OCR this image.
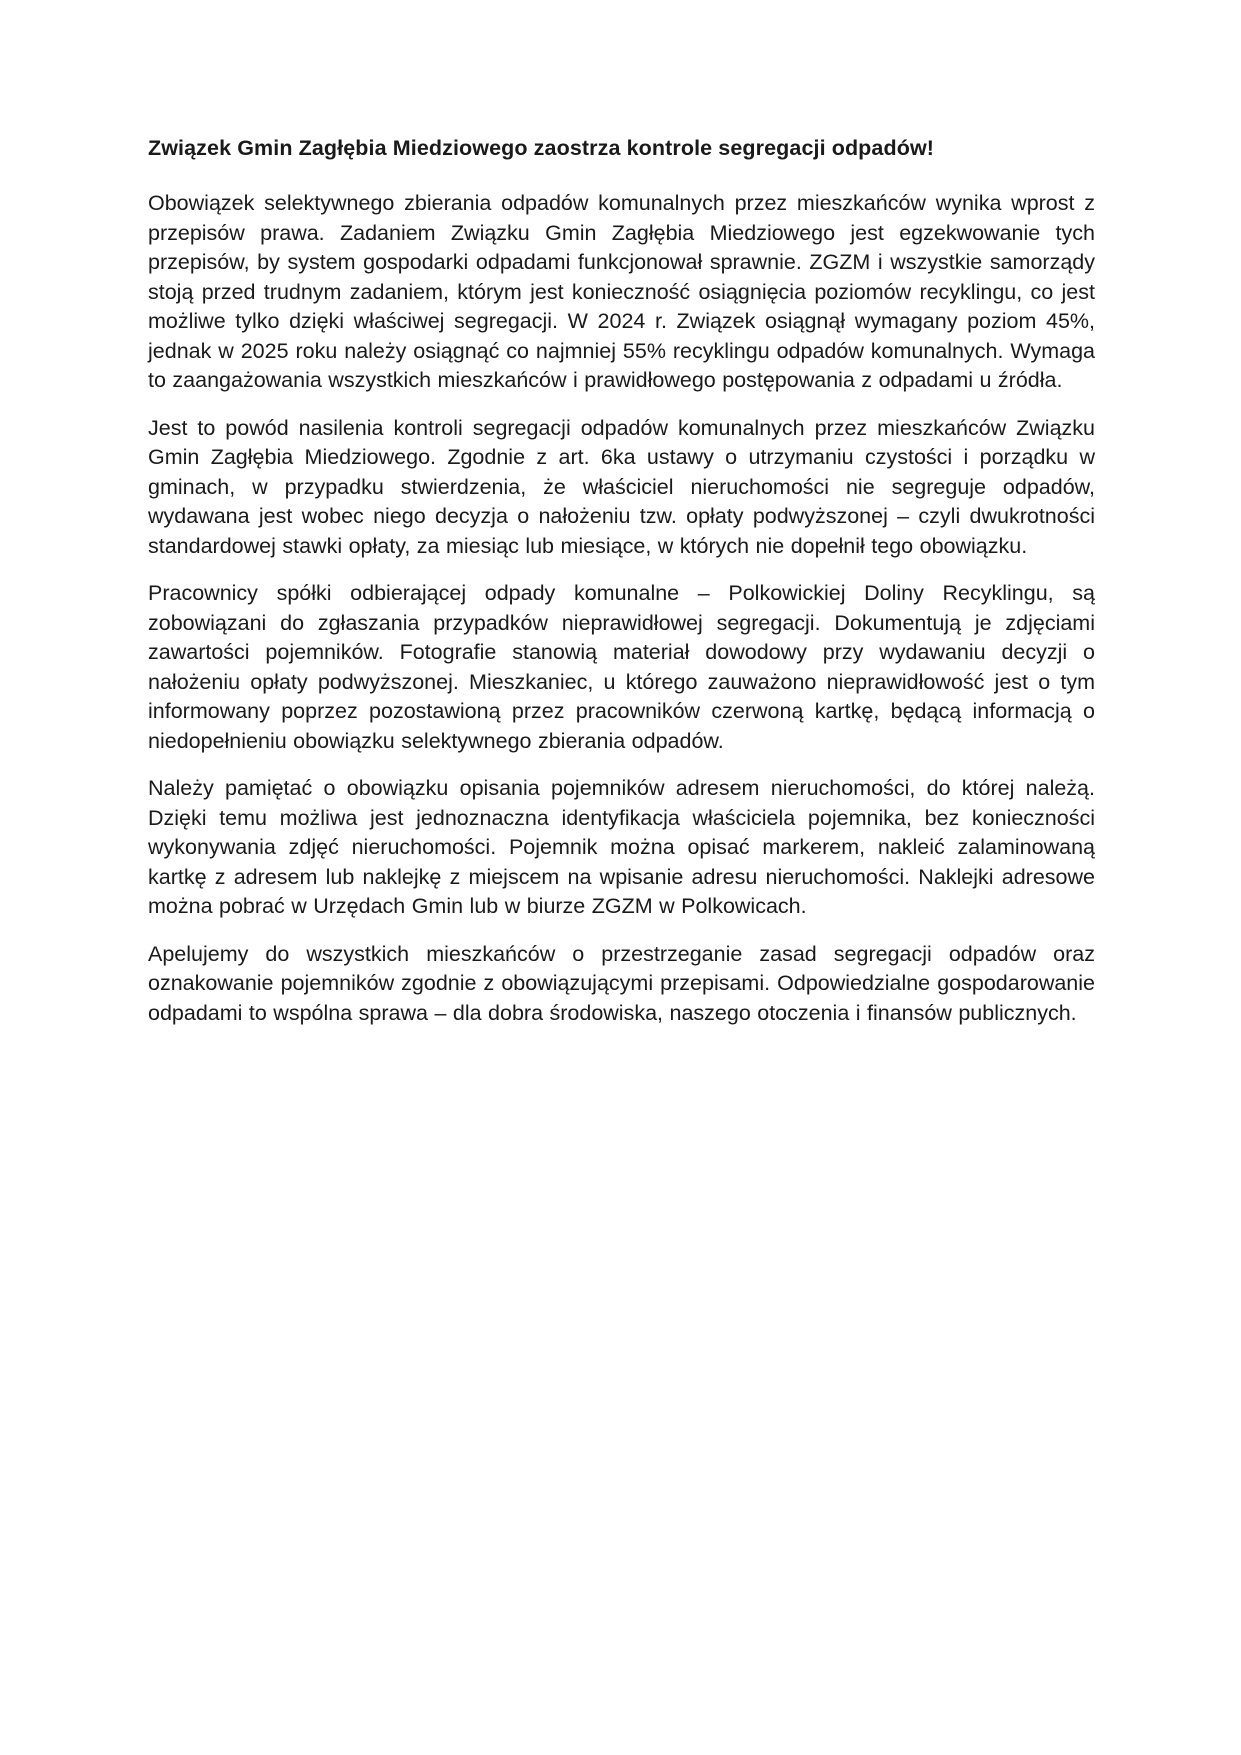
Związek Gmin Zagłębia Miedziowego zaostrza kontrole segregacji odpadów!

Obowiązek selektywnego zbierania odpadów komunalnych przez mieszkańców wynika wprost z przepisów prawa. Zadaniem Związku Gmin Zagłębia Miedziowego jest egzekwowanie tych przepisów, by system gospodarki odpadami funkcjonował sprawnie. ZGZM i wszystkie samorządy stoją przed trudnym zadaniem, którym jest konieczność osiągnięcia poziomów recyklingu, co jest możliwe tylko dzięki właściwej segregacji. W 2024 r. Związek osiągnął wymagany poziom 45%, jednak w 2025 roku należy osiągnąć co najmniej 55% recyklingu odpadów komunalnych. Wymaga to zaangażowania wszystkich mieszkańców i prawidłowego postępowania z odpadami u źródła.

Jest to powód nasilenia kontroli segregacji odpadów komunalnych przez mieszkańców Związku Gmin Zagłębia Miedziowego. Zgodnie z art. 6ka ustawy o utrzymaniu czystości i porządku w gminach, w przypadku stwierdzenia, że właściciel nieruchomości nie segreguje odpadów, wydawana jest wobec niego decyzja o nałożeniu tzw. opłaty podwyższonej – czyli dwukrotności standardowej stawki opłaty, za miesiąc lub miesiące, w których nie dopełnił tego obowiązku.

Pracownicy spółki odbierającej odpady komunalne – Polkowickiej Doliny Recyklingu, są zobowiązani do zgłaszania przypadków nieprawidłowej segregacji. Dokumentują je zdjęciami zawartości pojemników. Fotografie stanowią materiał dowodowy przy wydawaniu decyzji o nałożeniu opłaty podwyższonej. Mieszkaniec, u którego zauważono nieprawidłowość jest o tym informowany poprzez pozostawioną przez pracowników czerwoną kartkę, będącą informacją o niedopełnieniu obowiązku selektywnego zbierania odpadów.

Należy pamiętać o obowiązku opisania pojemników adresem nieruchomości, do której należą. Dzięki temu możliwa jest jednoznaczna identyfikacja właściciela pojemnika, bez konieczności wykonywania zdjęć nieruchomości. Pojemnik można opisać markerem, nakleić zalaminowaną kartkę z adresem lub naklejkę z miejscem na wpisanie adresu nieruchomości. Naklejki adresowe można pobrać w Urzędach Gmin lub w biurze ZGZM w Polkowicach.

Apelujemy do wszystkich mieszkańców o przestrzeganie zasad segregacji odpadów oraz oznakowanie pojemników zgodnie z obowiązującymi przepisami. Odpowiedzialne gospodarowanie odpadami to wspólna sprawa – dla dobra środowiska, naszego otoczenia i finansów publicznych.
